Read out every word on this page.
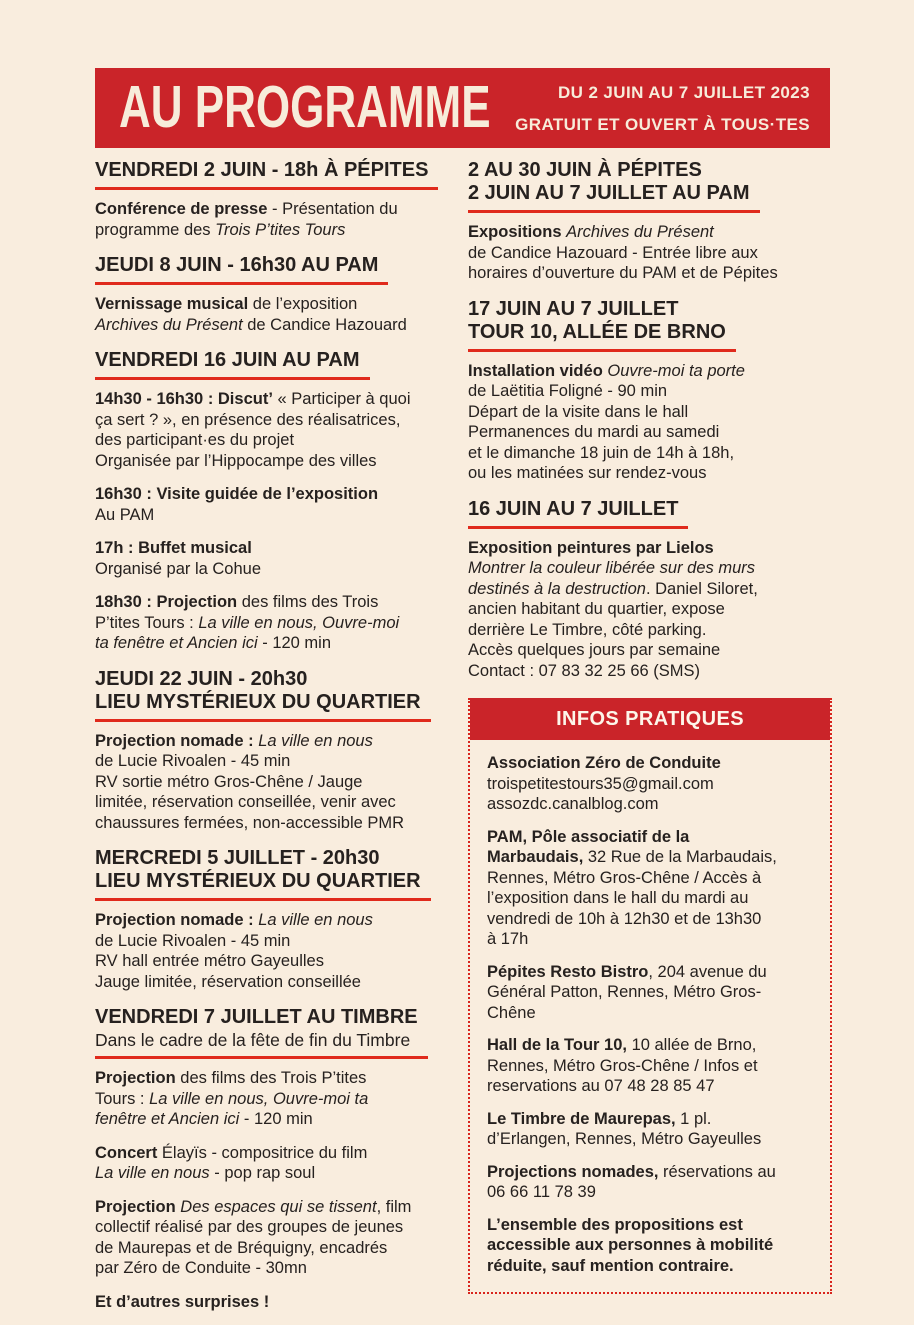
AU PROGRAMME	DU 2 JUIN AU 7 JUILLET 2023
GRATUIT ET OUVERT À TOUS·TES
VENDREDI 2 JUIN - 18h À PÉPITES

Conférence de presse - Présentation du
programme des Trois P’tites Tours

JEUDI 8 JUIN - 16h30 AU PAM

Vernissage musical de l’exposition
Archives du Présent de Candice Hazouard

VENDREDI 16 JUIN AU PAM

14h30 - 16h30 : Discut’ « Participer à quoi
ça sert ? », en présence des réalisatrices,
des participant·es du projet
Organisée par l’Hippocampe des villes

16h30 : Visite guidée de l’exposition
Au PAM

17h : Buffet musical
Organisé par la Cohue

18h30 : Projection des films des Trois
P’tites Tours : La ville en nous, Ouvre-moi
ta fenêtre et Ancien ici - 120 min

JEUDI 22 JUIN - 20h30
LIEU MYSTÉRIEUX DU QUARTIER

Projection nomade : La ville en nous
de Lucie Rivoalen - 45 min
RV sortie métro Gros-Chêne / Jauge
limitée, réservation conseillée, venir avec
chaussures fermées, non-accessible PMR

MERCREDI 5 JUILLET - 20h30
LIEU MYSTÉRIEUX DU QUARTIER

Projection nomade : La ville en nous
de Lucie Rivoalen - 45 min
RV hall entrée métro Gayeulles
Jauge limitée, réservation conseillée

VENDREDI 7 JUILLET AU TIMBRE
Dans le cadre de la fête de fin du Timbre

Projection des films des Trois P’tites
Tours : La ville en nous, Ouvre-moi ta
fenêtre et Ancien ici - 120 min

Concert Élayïs - compositrice du film
La ville en nous - pop rap soul

Projection Des espaces qui se tissent, film
collectif réalisé par des groupes de jeunes
de Maurepas et de Bréquigny, encadrés
par Zéro de Conduite - 30mn

Et d’autres surprises !

2 AU 30 JUIN À PÉPITES
2 JUIN AU 7 JUILLET AU PAM

Expositions Archives du Présent
de Candice Hazouard - Entrée libre aux
horaires d’ouverture du PAM et de Pépites

17 JUIN AU 7 JUILLET
TOUR 10, ALLÉE DE BRNO

Installation vidéo Ouvre-moi ta porte
de Laëtitia Foligné - 90 min
Départ de la visite dans le hall
Permanences du mardi au samedi
et le dimanche 18 juin de 14h à 18h,
ou les matinées sur rendez-vous

16 JUIN AU 7 JUILLET

Exposition peintures par Lielos
Montrer la couleur libérée sur des murs
destinés à la destruction. Daniel Siloret,
ancien habitant du quartier, expose
derrière Le Timbre, côté parking.
Accès quelques jours par semaine
Contact : 07 83 32 25 66 (SMS)

INFOS PRATIQUES

Association Zéro de Conduite
troispetitestours35@gmail.com
assozdc.canalblog.com

PAM, Pôle associatif de la
Marbaudais, 32 Rue de la Marbaudais,
Rennes, Métro Gros-Chêne / Accès à
l’exposition dans le hall du mardi au
vendredi de 10h à 12h30 et de 13h30
à 17h

Pépites Resto Bistro, 204 avenue du
Général Patton, Rennes, Métro Gros-
Chêne

Hall de la Tour 10, 10 allée de Brno,
Rennes, Métro Gros-Chêne / Infos et
reservations au 07 48 28 85 47

Le Timbre de Maurepas, 1 pl.
d’Erlangen, Rennes, Métro Gayeulles

Projections nomades, réservations au
06 66 11 78 39

L’ensemble des propositions est
accessible aux personnes à mobilité
réduite, sauf mention contraire.
